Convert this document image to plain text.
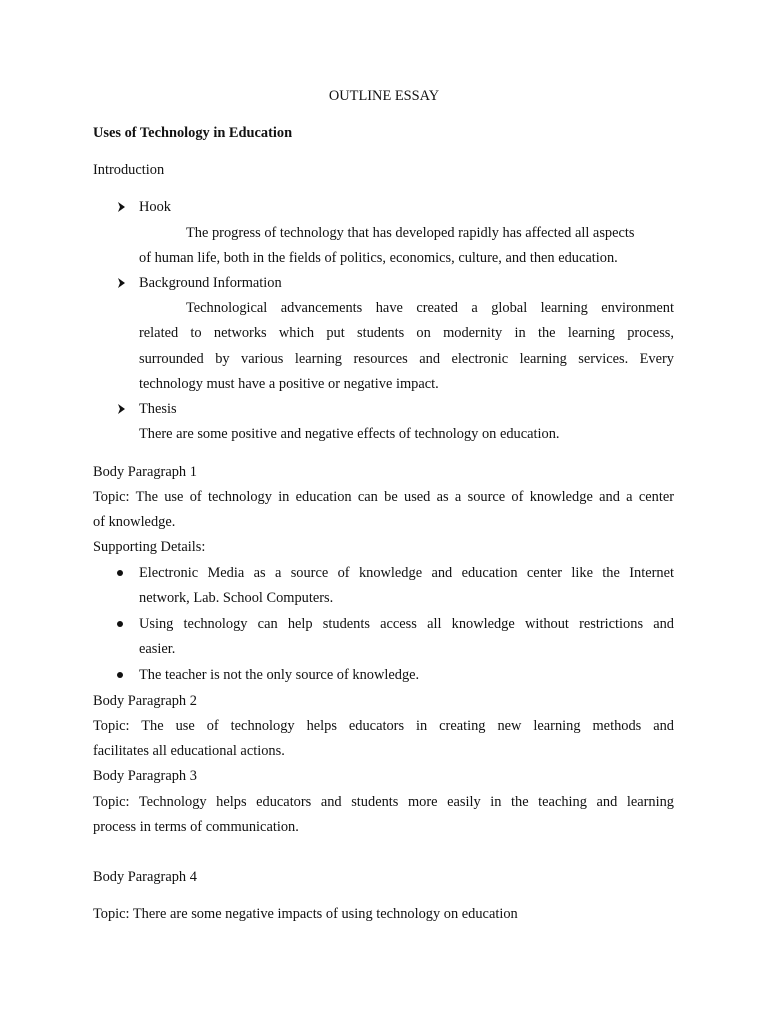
OUTLINE ESSAY
Uses of Technology in Education
Introduction
Hook
The progress of technology that has developed rapidly has affected all aspects
of human life, both in the fields of politics, economics, culture, and then education.
Background Information
Technological advancements have created a global learning environment
related to networks which put students on modernity in the learning process,
surrounded by various learning resources and electronic learning services. Every
technology must have a positive or negative impact.
Thesis
There are some positive and negative effects of technology on education.
Body Paragraph 1
Topic: The use of technology in education can be used as a source of knowledge and a center
of knowledge.
Supporting Details:
Electronic Media as a source of knowledge and education center like the Internet
network, Lab. School Computers.
Using technology can help students access all knowledge without restrictions and
easier.
The teacher is not the only source of knowledge.
Body Paragraph 2
Topic: The use of technology helps educators in creating new learning methods and
facilitates all educational actions.
Body Paragraph 3
Topic: Technology helps educators and students more easily in the teaching and learning
process in terms of communication.
Body Paragraph 4
Topic: There are some negative impacts of using technology on education
